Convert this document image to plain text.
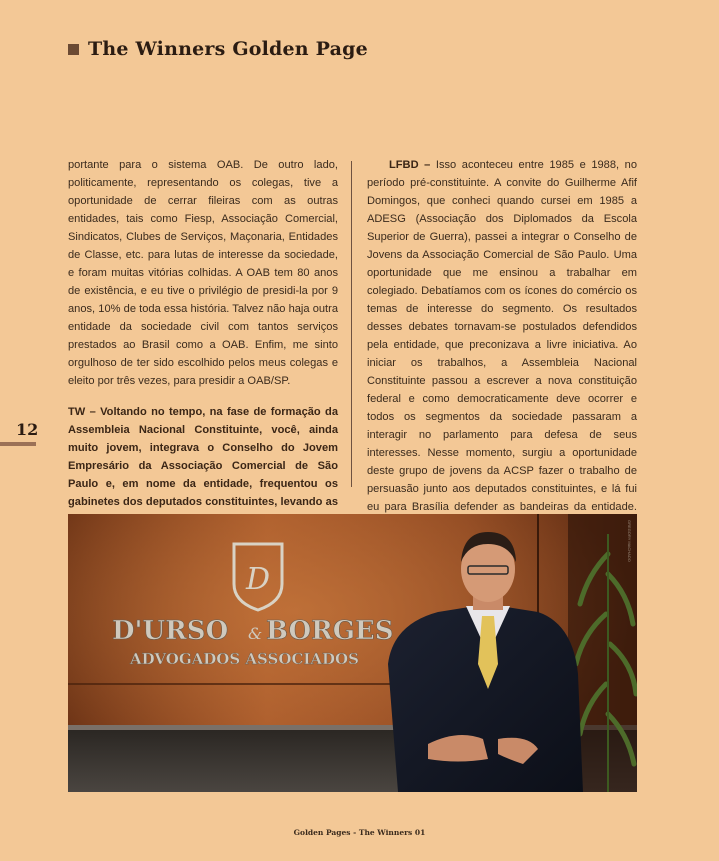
The Winners Golden Page
12

portante para o sistema OAB. De outro lado, politicamente, representando os colegas, tive a oportunidade de cerrar fileiras com as outras entidades, tais como Fiesp, Associação Comercial, Sindicatos, Clubes de Serviços, Maçonaria, Entidades de Classe, etc. para lutas de interesse da sociedade, e foram muitas vitórias colhidas. A OAB tem 80 anos de existência, e eu tive o privilégio de presidi-la por 9 anos, 10% de toda essa história. Talvez não haja outra entidade da sociedade civil com tantos serviços prestados ao Brasil como a OAB. Enfim, me sinto orgulhoso de ter sido escolhido pelos meus colegas e eleito por três vezes, para presidir a OAB/SP.

TW – Voltando no tempo, na fase de formação da Assembleia Nacional Constituinte, você, ainda muito jovem, integrava o Conselho do Jovem Empresário da Associação Comercial de São Paulo e, em nome da entidade, frequentou os gabinetes dos deputados constituintes, levando as

LFBD – Isso aconteceu entre 1985 e 1988, no período pré-constituinte. A convite do Guilherme Afif Domingos, que conheci quando cursei em 1985 a ADESG (Associação dos Diplomados da Escola Superior de Guerra), passei a integrar o Conselho de Jovens da Associação Comercial de São Paulo. Uma oportunidade que me ensinou a trabalhar em colegiado. Debatíamos com os ícones do comércio os temas de interesse do segmento. Os resultados desses debates tornavam-se postulados defendidos pela entidade, que preconizava a livre iniciativa. Ao iniciar os trabalhos, a Assembleia Nacional Constituinte passou a escrever a nova constituição federal e como democraticamente deve ocorrer e todos os segmentos da sociedade passaram a interagir no parlamento para defesa de seus interesses. Nesse momento, surgiu a oportunidade deste grupo de jovens da ACSP fazer o trabalho de persuasão junto aos deputados constituintes, e lá fui eu para Brasília defender as bandeiras da entidade.

D
D'URSO & BORGES
ADVOGADOS ASSOCIADOS
GREGORY MACHADO
Golden Pages - The Winners 01
